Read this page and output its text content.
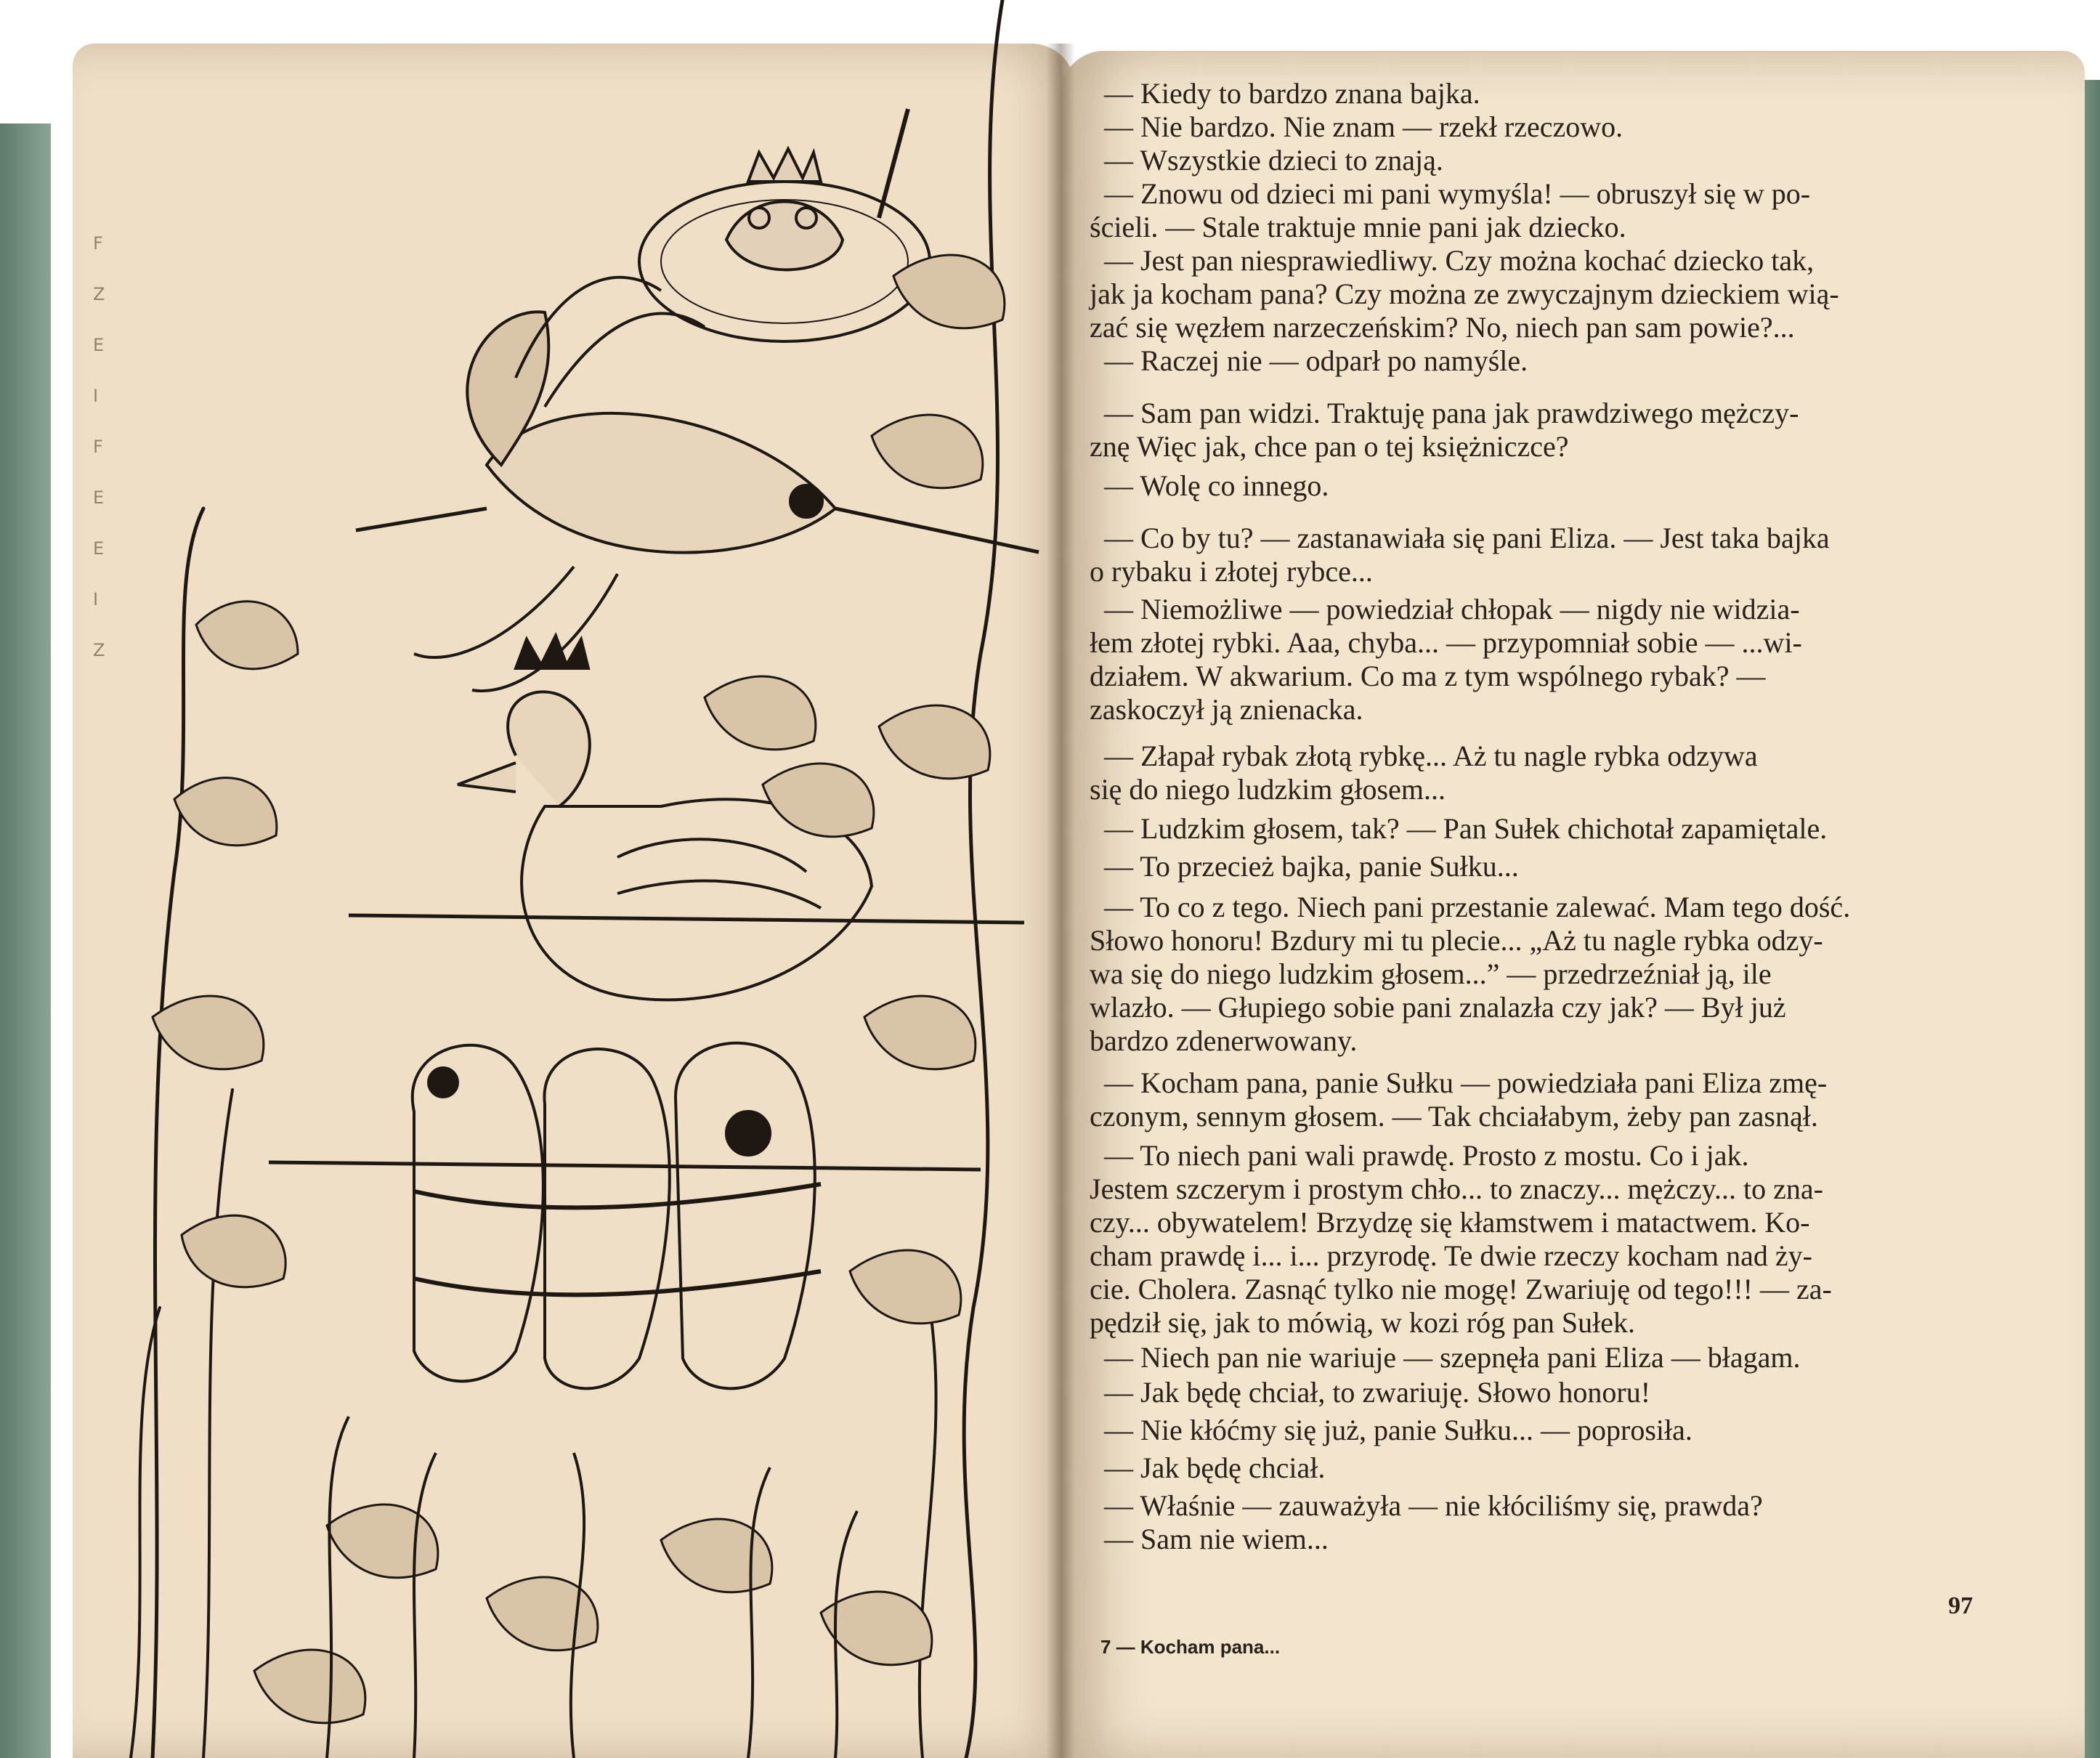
F
Z
E
I
F
E
E
I
Z
— Kiedy to bardzo znana bajka.
— Nie bardzo. Nie znam — rzekł rzeczowo.
— Wszystkie dzieci to znają.
— Znowu od dzieci mi pani wymyśla! — obruszył się w po-
ścieli. — Stale traktuje mnie pani jak dziecko.
— Jest pan niesprawiedliwy. Czy można kochać dziecko tak,
jak ja kocham pana? Czy można ze zwyczajnym dzieckiem wią-
zać się węzłem narzeczeńskim? No, niech pan sam powie?...
— Raczej nie — odparł po namyśle.
— Sam pan widzi. Traktuję pana jak prawdziwego mężczy-
znę Więc jak, chce pan o tej księżniczce?
— Wolę co innego.
— Co by tu? — zastanawiała się pani Eliza. — Jest taka bajka
o rybaku i złotej rybce...
— Niemożliwe — powiedział chłopak — nigdy nie widzia-
łem złotej rybki. Aaa, chyba... — przypomniał sobie — ...wi-
działem. W akwarium. Co ma z tym wspólnego rybak? —
zaskoczył ją znienacka.
— Złapał rybak złotą rybkę... Aż tu nagle rybka odzywa
się do niego ludzkim głosem...
— Ludzkim głosem, tak? — Pan Sułek chichotał zapamiętale.
— To przecież bajka, panie Sułku...
— To co z tego. Niech pani przestanie zalewać. Mam tego dość.
Słowo honoru! Bzdury mi tu plecie... „Aż tu nagle rybka odzy-
wa się do niego ludzkim głosem...” — przedrzeźniał ją, ile
wlazło. — Głupiego sobie pani znalazła czy jak? — Był już
bardzo zdenerwowany.
— Kocham pana, panie Sułku — powiedziała pani Eliza zmę-
czonym, sennym głosem. — Tak chciałabym, żeby pan zasnął.
— To niech pani wali prawdę. Prosto z mostu. Co i jak.
Jestem szczerym i prostym chło... to znaczy... mężczy... to zna-
czy... obywatelem! Brzydzę się kłamstwem i matactwem. Ko-
cham prawdę i... i... przyrodę. Te dwie rzeczy kocham nad ży-
cie. Cholera. Zasnąć tylko nie mogę! Zwariuję od tego!!! — za-
pędził się, jak to mówią, w kozi róg pan Sułek.
— Niech pan nie wariuje — szepnęła pani Eliza — błagam.
— Jak będę chciał, to zwariuję. Słowo honoru!
— Nie kłóćmy się już, panie Sułku... — poprosiła.
— Jak będę chciał.
— Właśnie — zauważyła — nie kłóciliśmy się, prawda?
— Sam nie wiem...
97
7 — Kocham pana...
